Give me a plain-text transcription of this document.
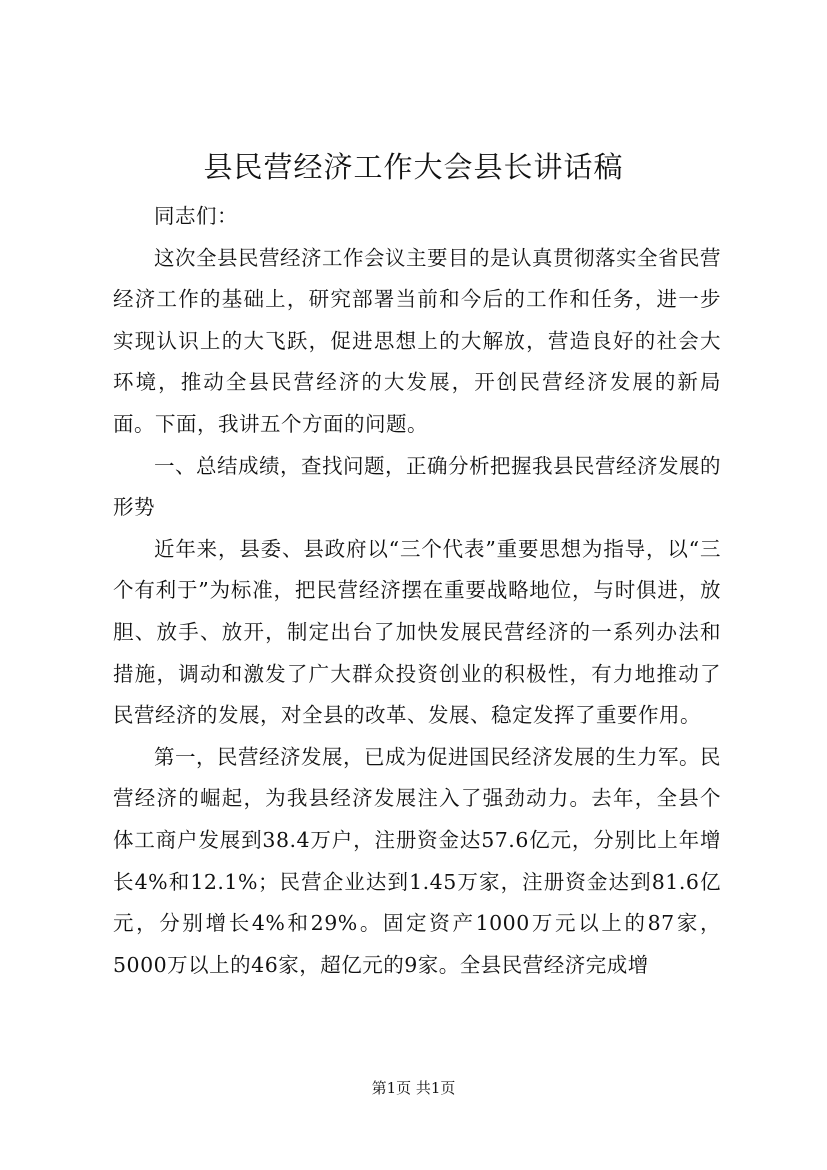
县民营经济工作大会县长讲话稿

同志们：

这次全县民营经济工作会议主要目的是认真贯彻落实全省民营经济工作的基础上，研究部署当前和今后的工作和任务，进一步实现认识上的大飞跃，促进思想上的大解放，营造良好的社会大环境，推动全县民营经济的大发展，开创民营经济发展的新局面。下面，我讲五个方面的问题。

一、总结成绩，查找问题，正确分析把握我县民营经济发展的形势

近年来，县委、县政府以“三个代表”重要思想为指导，以“三个有利于”为标准，把民营经济摆在重要战略地位，与时俱进，放胆、放手、放开，制定出台了加快发展民营经济的一系列办法和措施，调动和激发了广大群众投资创业的积极性，有力地推动了民营经济的发展，对全县的改革、发展、稳定发挥了重要作用。

第一，民营经济发展，已成为促进国民经济发展的生力军。民营经济的崛起，为我县经济发展注入了强劲动力。去年，全县个体工商户发展到38.4万户，注册资金达57.6亿元，分别比上年增长4%和12.1%；民营企业达到1.45万家，注册资金达到81.6亿元，分别增长4%和29%。固定资产1000万元以上的87家，5000万以上的46家，超亿元的9家。全县民营经济完成增

第1页 共1页
